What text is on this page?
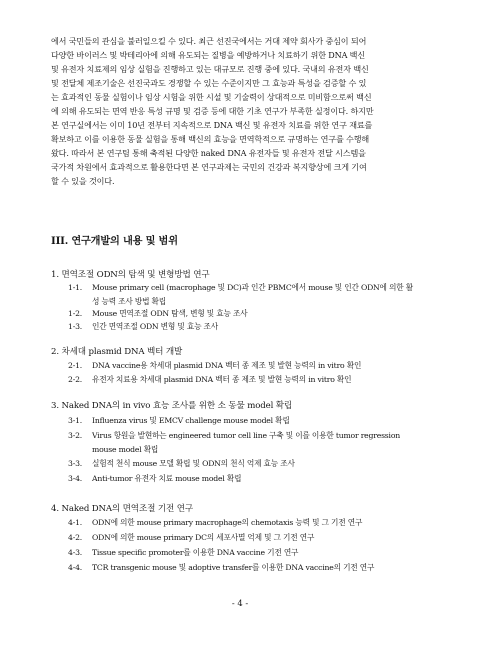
에서 국민들의 관심을 불러일으킬 수 있다. 최근 선진국에서는 거대 제약 회사가 중심이 되어
다양한 바이러스 및 박테리아에 의해 유도되는 질병을 예방하거나 치료하기 위한 DNA 백신
및 유전자 치료제의 임상 실험을 진행하고 있는 대규모로 진행 중에 있다. 국내의 유전자 백신
및 전달체 제조기술은 선진국과도 경쟁할 수 있는 수준이지만 그 효능과 특성을 검증할 수 있
는 효과적인 동물 실험이나 임상 시험을 위한 시설 및 기술력이 상대적으로 미비함으로써 백신
에 의해 유도되는 면역 반응 특성 규명 및 검증 등에 대한 기초 연구가 부족한 실정이다. 하지만
본 연구실에서는 이미 10년 전부터 지속적으로 DNA 백신 및 유전자 치료를 위한 연구 재료를
확보하고 이를 이용한 동물 실험을 통해 백신의 효능을 면역학적으로 규명하는 연구를 수행해
왔다. 따라서 본 연구팀 통해 축적된 다양한 naked DNA 유전자들 및 유전자 전달 시스템을
국가적 차원에서 효과적으로 활용한다면 본 연구과제는 국민의 건강과 복지향상에 크게 기여
할 수 있을 것이다.

III. 연구개발의 내용 및 범위
1. 면역조절 ODN의 탐색 및 변형방법 연구
1-1. Mouse primary cell (macrophage 및 DC)과 인간 PBMC에서 mouse 및 인간 ODN에 의한 활
성 능력 조사 방법 확립
1-2. Mouse 면역조절 ODN 탐색, 변형 및 효능 조사
1-3. 인간 면역조절 ODN 변형 및 효능 조사
2. 차세대 plasmid DNA 벡터 개발
2-1. DNA vaccine용 차세대 plasmid DNA 벡터 종 제조 및 발현 능력의 in vitro 확인
2-2. 유전자 치료용 차세대 plasmid DNA 벡터 종 제조 및 발현 능력의 in vitro 확인
3. Naked DNA의 in vivo 효능 조사를 위한 소 동물 model 확립
3-1. Influenza virus 및 EMCV challenge mouse model 확립
3-2. Virus 항원을 발현하는 engineered tumor cell line 구축 및 이를 이용한 tumor regression
mouse model 확립
3-3. 실험적 천식 mouse 모델 확립 및 ODN의 천식 억제 효능 조사
3-4. Anti-tumor 유전자 치료 mouse model 확립
4. Naked DNA의 면역조절 기전 연구
4-1. ODN에 의한 mouse primary macrophage의 chemotaxis 능력 및 그 기전 연구
4-2. ODN에 의한 mouse primary DC의 세포사멸 억제 및 그 기전 연구
4-3. Tissue specific promoter를 이용한 DNA vaccine 기전 연구
4-4. TCR transgenic mouse 및 adoptive transfer를 이용한 DNA vaccine의 기전 연구
- 4 -
